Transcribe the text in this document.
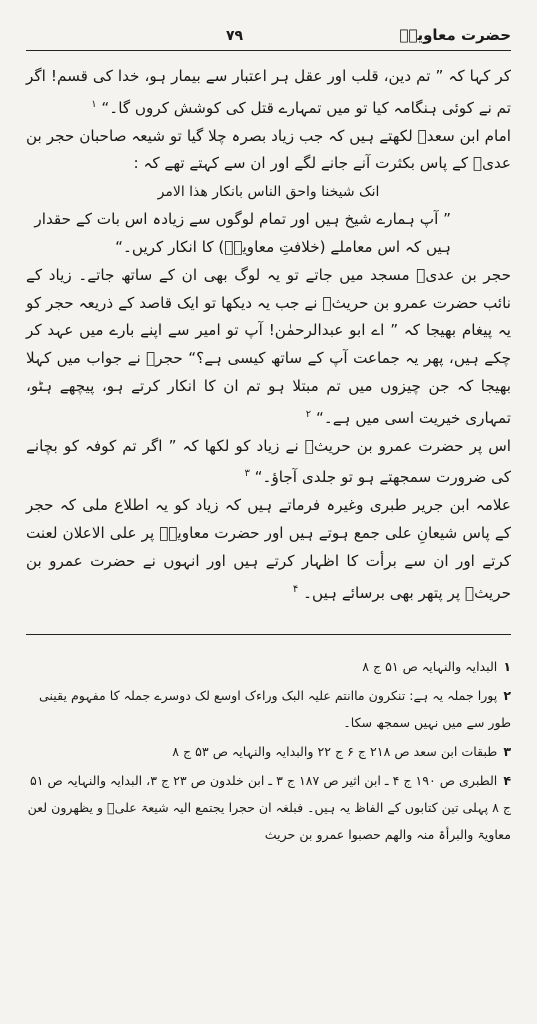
حضرت معاویہؓ
۷۹

کر کہا کہ ” تم دین، قلب اور عقل ہر اعتبار سے بیمار ہو، خدا کی قسم! اگر تم نے کوئی ہنگامہ کیا تو میں تمہارے قتل کی کوشش کروں گا۔“ $^۱$

امام ابن سعدؒ لکھتے ہیں کہ جب زیاد بصرہ چلا گیا تو شیعہ صاحبان حجر بن عدیؓ کے پاس بکثرت آنے جانے لگے اور ان سے کہتے تھے کہ :

انک شیخنا واحق الناس بانکار ھذا الامر

” آپ ہمارے شیخ ہیں اور تمام لوگوں سے زیادہ اس بات کے حقدار ہیں کہ اس معاملے (خلافتِ معاویہؓ) کا انکار کریں۔“

حجر بن عدیؓ مسجد میں جاتے تو یہ لوگ بھی ان کے ساتھ جاتے۔ زیاد کے نائب حضرت عمرو بن حریثؓ نے جب یہ دیکھا تو ایک قاصد کے ذریعہ حجر کو یہ پیغام بھیجا کہ ” اے ابو عبدالرحمٰن! آپ تو امیر سے اپنے بارے میں عہد کر چکے ہیں، پھر یہ جماعت آپ کے ساتھ کیسی ہے؟“ حجرؓ نے جواب میں کہلا بھیجا کہ جن چیزوں میں تم مبتلا ہو تم ان کا انکار کرتے ہو، پیچھے ہٹو، تمہاری خیریت اسی میں ہے۔“ $^۲$

اس پر حضرت عمرو بن حریثؓ نے زیاد کو لکھا کہ ” اگر تم کوفہ کو بچانے کی ضرورت سمجھتے ہو تو جلدی آجاؤ۔“ $^۳$

علامہ ابن جریر طبری وغیرہ فرماتے ہیں کہ زیاد کو یہ اطلاع ملی کہ حجر کے پاس شیعانِ علی جمع ہوتے ہیں اور حضرت معاویہؓ پر علی الاعلان لعنت کرتے اور ان سے برأت کا اظہار کرتے ہیں اور انہوں نے حضرت عمرو بن حریثؓ پر پتھر بھی برسائے ہیں۔ $^۴$

۱البدایہ والنہایہ ص ۵۱ ج ۸

۲پورا جملہ یہ ہے: تنکرون ماانتم علیہ البک وراءک اوسع لک دوسرے جملہ کا مفہوم یقینی طور سے میں نہیں سمجھ سکا۔

۳طبقات ابن سعد ص ۲۱۸ ج ۶ ج ۲۲ والبدایہ والنہایہ ص ۵۳ ج ۸

۴الطبری ص ۱۹۰ ج ۴ ـ ابن اثیر ص ۱۸۷ ج ۳ ـ ابن خلدون ص ۲۳ ج ۳، البدایہ والنہایہ ص ۵۱ ج ۸ پہلی تین کتابوں کے الفاظ یہ ہیں۔ فبلغہ ان حجرا یجتمع الیہ شیعۃ علیؓ و یظھرون لعن معاویۃ والبرأۃ منہ والھم حصبوا عمرو بن حریث
